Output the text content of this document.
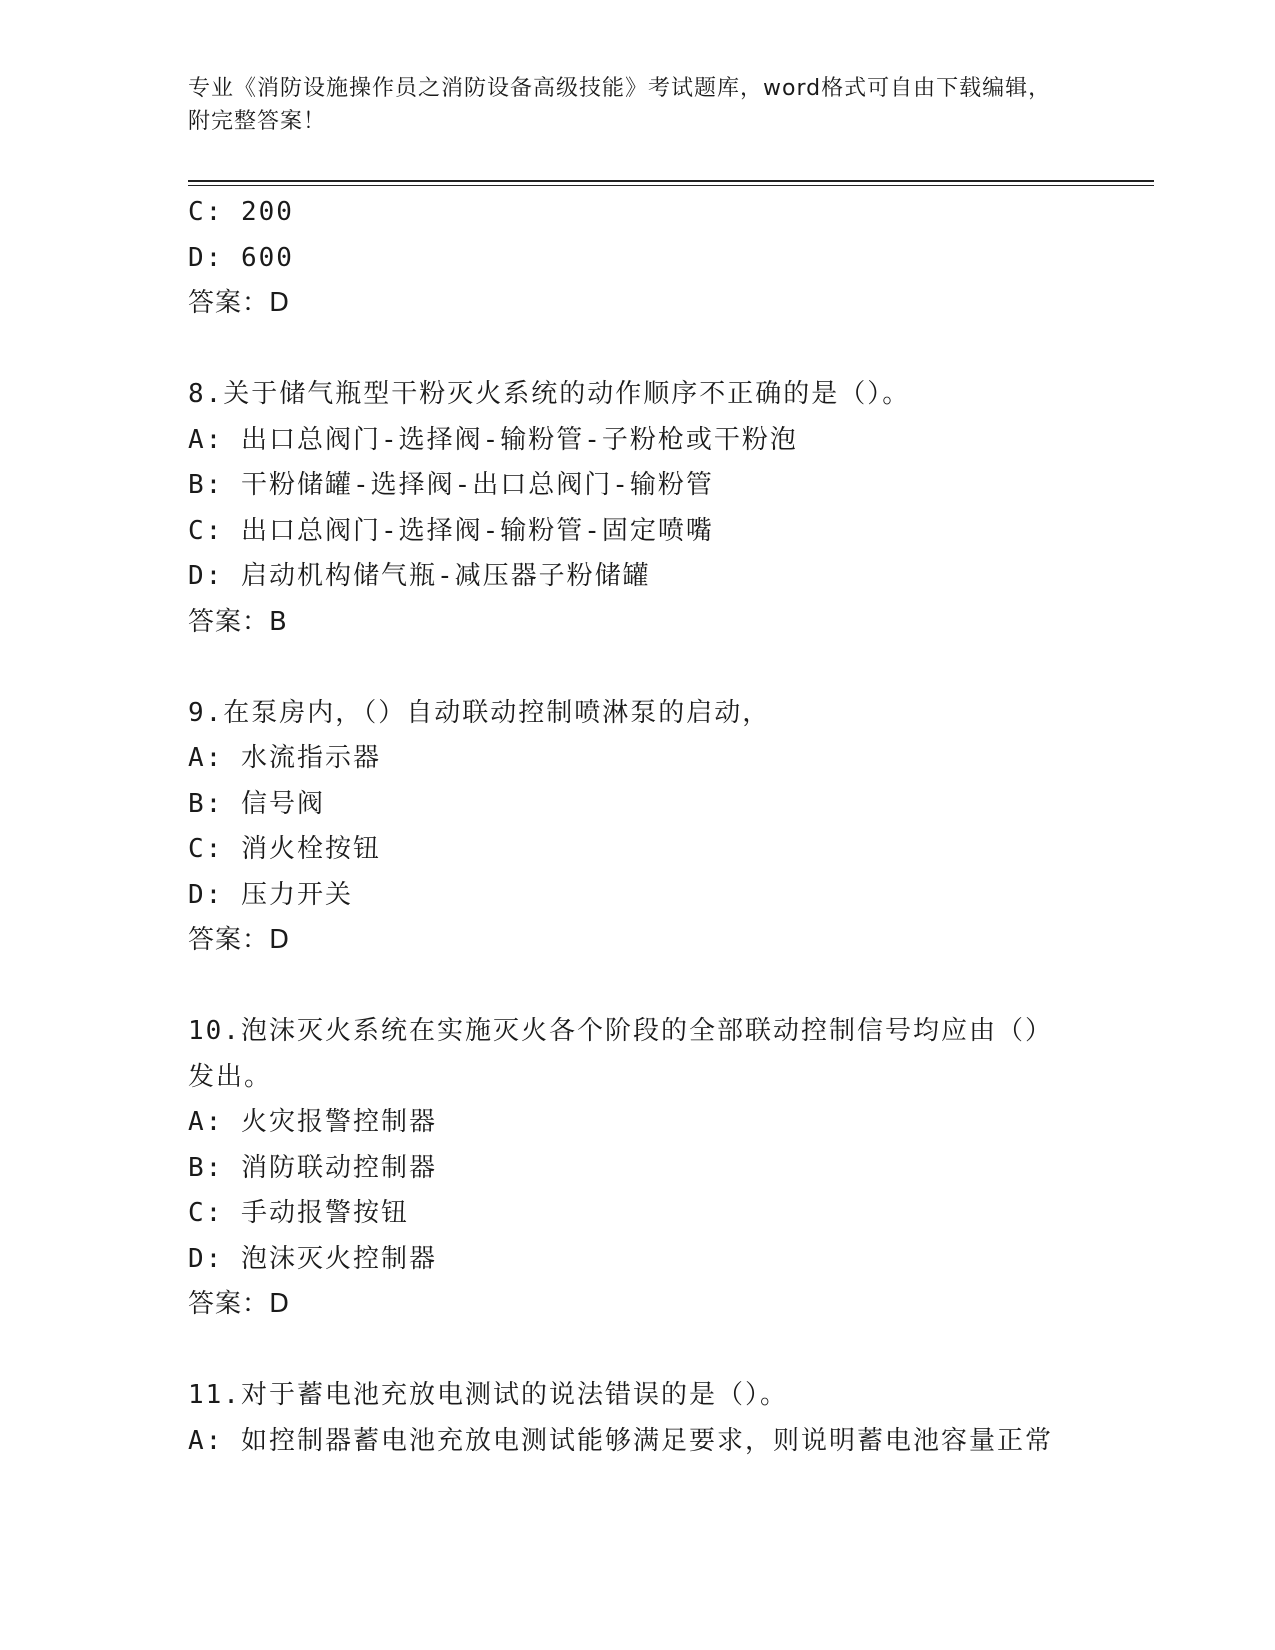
专业《消防设施操作员之消防设备高级技能》考试题库，word格式可自由下载编辑，附完整答案！
C: 200
D: 600
答案：D
8.关于储气瓶型干粉灭火系统的动作顺序不正确的是（）。
A: 出口总阀门-选择阀-输粉管-子粉枪或干粉泡
B: 干粉储罐-选择阀-出口总阀门-输粉管
C: 出口总阀门-选择阀-输粉管-固定喷嘴
D: 启动机构储气瓶-减压器子粉储罐
答案：B
9.在泵房内，（）自动联动控制喷淋泵的启动，
A: 水流指示器
B: 信号阀
C: 消火栓按钮
D: 压力开关
答案：D
10.泡沫灭火系统在实施灭火各个阶段的全部联动控制信号均应由（）发出。
A: 火灾报警控制器
B: 消防联动控制器
C: 手动报警按钮
D: 泡沫灭火控制器
答案：D
11.对于蓄电池充放电测试的说法错误的是（）。
A: 如控制器蓄电池充放电测试能够满足要求，则说明蓄电池容量正常
